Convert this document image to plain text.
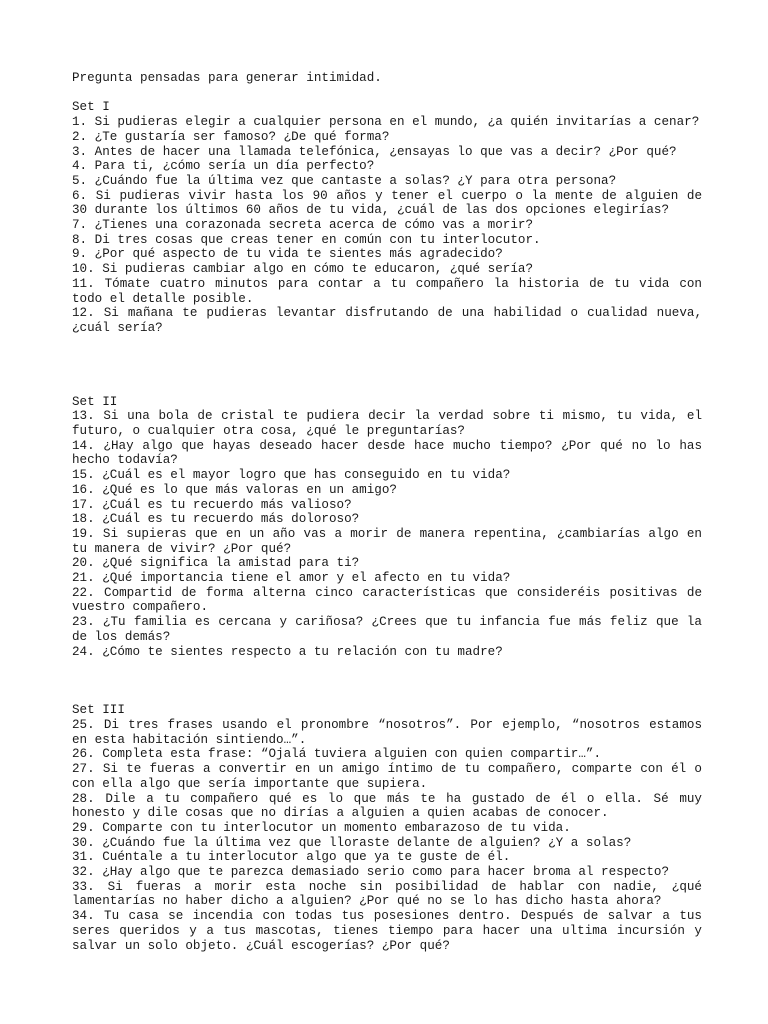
Pregunta pensadas para generar intimidad.
Set I
1. Si pudieras elegir a cualquier persona en el mundo, ¿a quién invitarías a cenar?
2. ¿Te gustaría ser famoso? ¿De qué forma?
3. Antes de hacer una llamada telefónica, ¿ensayas lo que vas a decir? ¿Por qué?
4. Para ti, ¿cómo sería un día perfecto?
5. ¿Cuándo fue la última vez que cantaste a solas? ¿Y para otra persona?
6. Si pudieras vivir hasta los 90 años y tener el cuerpo o la mente de alguien de 30 durante los últimos 60 años de tu vida, ¿cuál de las dos opciones elegirías?
7. ¿Tienes una corazonada secreta acerca de cómo vas a morir?
8. Di tres cosas que creas tener en común con tu interlocutor.
9. ¿Por qué aspecto de tu vida te sientes más agradecido?
10. Si pudieras cambiar algo en cómo te educaron, ¿qué sería?
11. Tómate cuatro minutos para contar a tu compañero la historia de tu vida con todo el detalle posible.
12. Si mañana te pudieras levantar disfrutando de una habilidad o cualidad nueva, ¿cuál sería?
Set II
13. Si una bola de cristal te pudiera decir la verdad sobre ti mismo, tu vida, el futuro, o cualquier otra cosa, ¿qué le preguntarías?
14. ¿Hay algo que hayas deseado hacer desde hace mucho tiempo? ¿Por qué no lo has hecho todavía?
15. ¿Cuál es el mayor logro que has conseguido en tu vida?
16. ¿Qué es lo que más valoras en un amigo?
17. ¿Cuál es tu recuerdo más valioso?
18. ¿Cuál es tu recuerdo más doloroso?
19. Si supieras que en un año vas a morir de manera repentina, ¿cambiarías algo en tu manera de vivir? ¿Por qué?
20. ¿Qué significa la amistad para ti?
21. ¿Qué importancia tiene el amor y el afecto en tu vida?
22. Compartid de forma alterna cinco características que consideréis positivas de vuestro compañero.
23. ¿Tu familia es cercana y cariñosa? ¿Crees que tu infancia fue más feliz que la de los demás?
24. ¿Cómo te sientes respecto a tu relación con tu madre?
Set III
25. Di tres frases usando el pronombre “nosotros”. Por ejemplo, “nosotros estamos en esta habitación sintiendo…”.
26. Completa esta frase: “Ojalá tuviera alguien con quien compartir…”.
27. Si te fueras a convertir en un amigo íntimo de tu compañero, comparte con él o con ella algo que sería importante que supiera.
28. Dile a tu compañero qué es lo que más te ha gustado de él o ella. Sé muy honesto y dile cosas que no dirías a alguien a quien acabas de conocer.
29. Comparte con tu interlocutor un momento embarazoso de tu vida.
30. ¿Cuándo fue la última vez que lloraste delante de alguien? ¿Y a solas?
31. Cuéntale a tu interlocutor algo que ya te guste de él.
32. ¿Hay algo que te parezca demasiado serio como para hacer broma al respecto?
33. Si fueras a morir esta noche sin posibilidad de hablar con nadie, ¿qué lamentarías no haber dicho a alguien? ¿Por qué no se lo has dicho hasta ahora?
34. Tu casa se incendia con todas tus posesiones dentro. Después de salvar a tus seres queridos y a tus mascotas, tienes tiempo para hacer una ultima incursión y salvar un solo objeto. ¿Cuál escogerías? ¿Por qué?
